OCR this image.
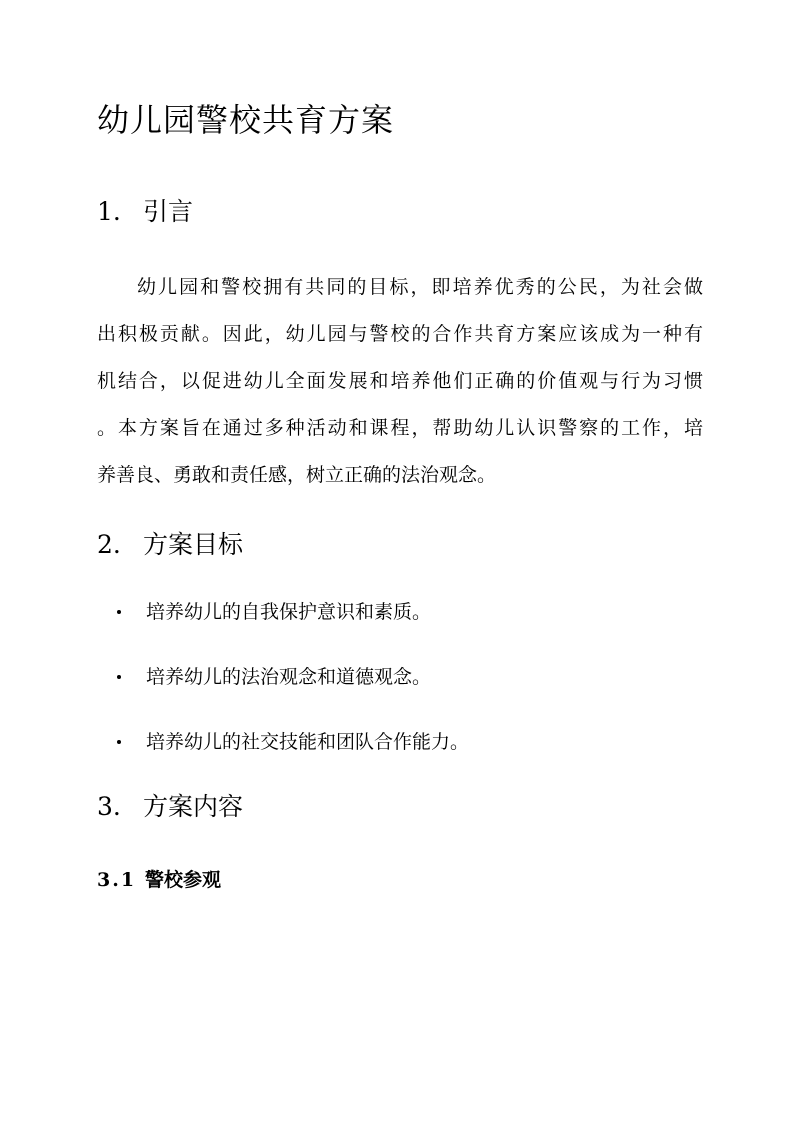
幼儿园警校共育方案
1. 引言

幼儿园和警校拥有共同的目标，即培养优秀的公民，为社会做
出积极贡献。因此，幼儿园与警校的合作共育方案应该成为一种有
机结合，以促进幼儿全面发展和培养他们正确的价值观与行为习惯
。本方案旨在通过多种活动和课程，帮助幼儿认识警察的工作，培
养善良、勇敢和责任感，树立正确的法治观念。

2. 方案目标
培养幼儿的自我保护意识和素质。
培养幼儿的法治观念和道德观念。
培养幼儿的社交技能和团队合作能力。
3. 方案内容
3.1 警校参观
